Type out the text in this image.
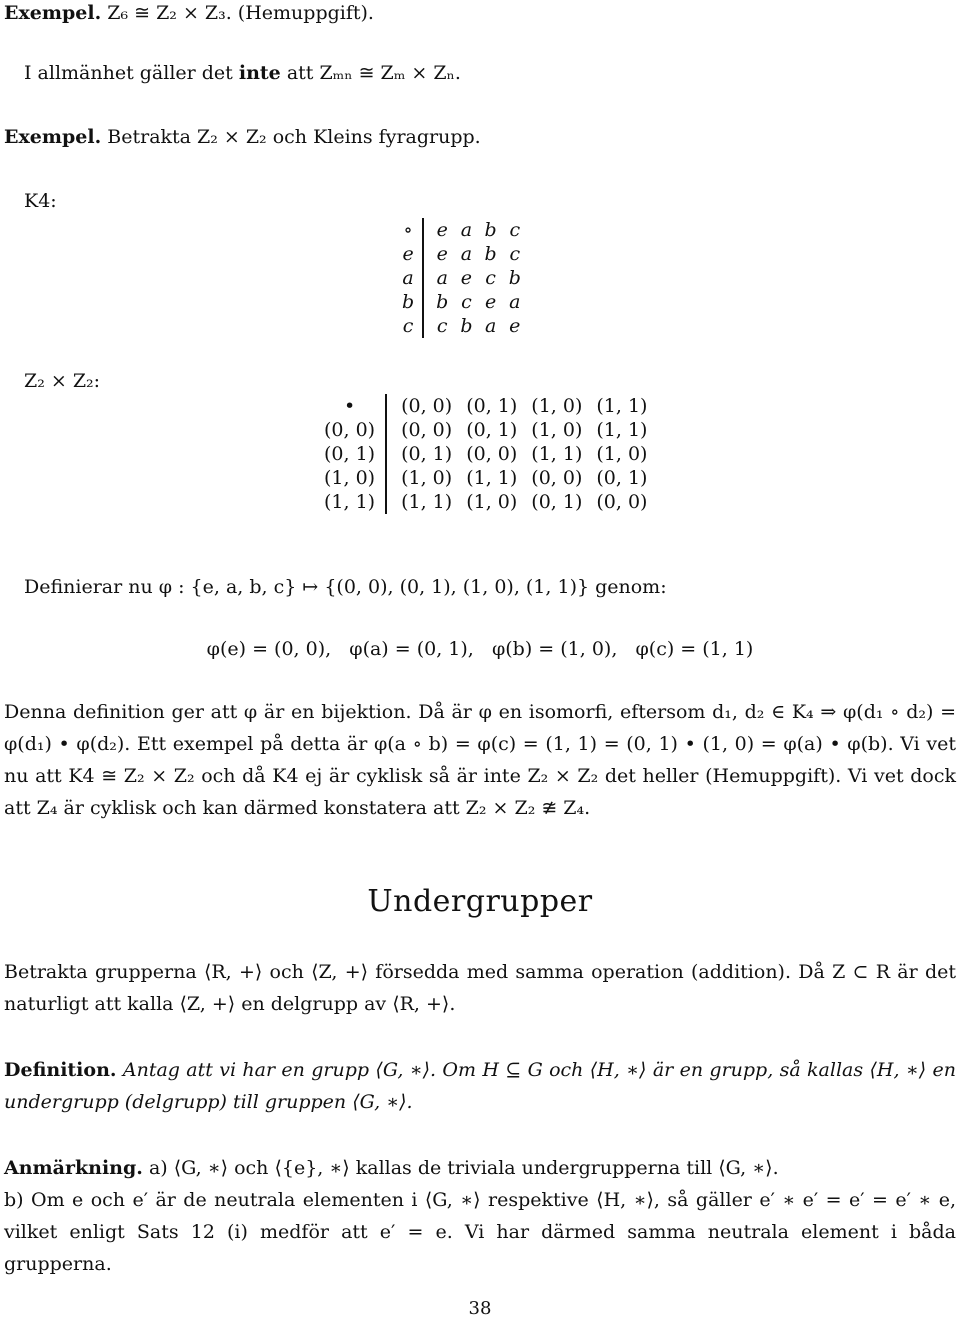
Exempel. Z₆ ≅ Z₂ × Z₃. (Hemuppgift).
I allmänhet gäller det inte att Zₘₙ ≅ Zₘ × Zₙ.
Exempel. Betrakta Z₂ × Z₂ och Kleins fyragrupp.
K4:
∘	e	a	b	c
e	e	a	b	c
a	a	e	c	b
b	b	c	e	a
c	c	b	a	e
Z₂ × Z₂:
•	(0, 0)	(0, 1)	(1, 0)	(1, 1)
(0, 0)	(0, 0)	(0, 1)	(1, 0)	(1, 1)
(0, 1)	(0, 1)	(0, 0)	(1, 1)	(1, 0)
(1, 0)	(1, 0)	(1, 1)	(0, 0)	(0, 1)
(1, 1)	(1, 1)	(1, 0)	(0, 1)	(0, 0)
Definierar nu φ : {e, a, b, c} ↦ {(0, 0), (0, 1), (1, 0), (1, 1)} genom:
φ(e) = (0, 0),   φ(a) = (0, 1),   φ(b) = (1, 0),   φ(c) = (1, 1)
Denna definition ger att φ är en bijektion. Då är φ en isomorfi, eftersom d₁, d₂ ∈ K₄ ⇒ φ(d₁ ∘ d₂) = φ(d₁) • φ(d₂). Ett exempel på detta är φ(a ∘ b) = φ(c) = (1, 1) = (0, 1) • (1, 0) = φ(a) • φ(b). Vi vet nu att K4 ≅ Z₂ × Z₂ och då K4 ej är cyklisk så är inte Z₂ × Z₂ det heller (Hemuppgift). Vi vet dock att Z₄ är cyklisk och kan därmed konstatera att Z₂ × Z₂ ≇ Z₄.
Undergrupper
Betrakta grupperna ⟨R, +⟩ och ⟨Z, +⟩ försedda med samma operation (addition). Då Z ⊂ R är det naturligt att kalla ⟨Z, +⟩ en delgrupp av ⟨R, +⟩.
Definition. Antag att vi har en grupp ⟨G, ∗⟩. Om H ⊆ G och ⟨H, ∗⟩ är en grupp, så kallas ⟨H, ∗⟩ en undergrupp (delgrupp) till gruppen ⟨G, ∗⟩.
Anmärkning. a) ⟨G, ∗⟩ och ⟨{e}, ∗⟩ kallas de triviala undergrupperna till ⟨G, ∗⟩.
b) Om e och e′ är de neutrala elementen i ⟨G, ∗⟩ respektive ⟨H, ∗⟩, så gäller e′ ∗ e′ = e′ = e′ ∗ e, vilket enligt Sats 12 (i) medför att e′ = e. Vi har därmed samma neutrala element i båda grupperna.
38
